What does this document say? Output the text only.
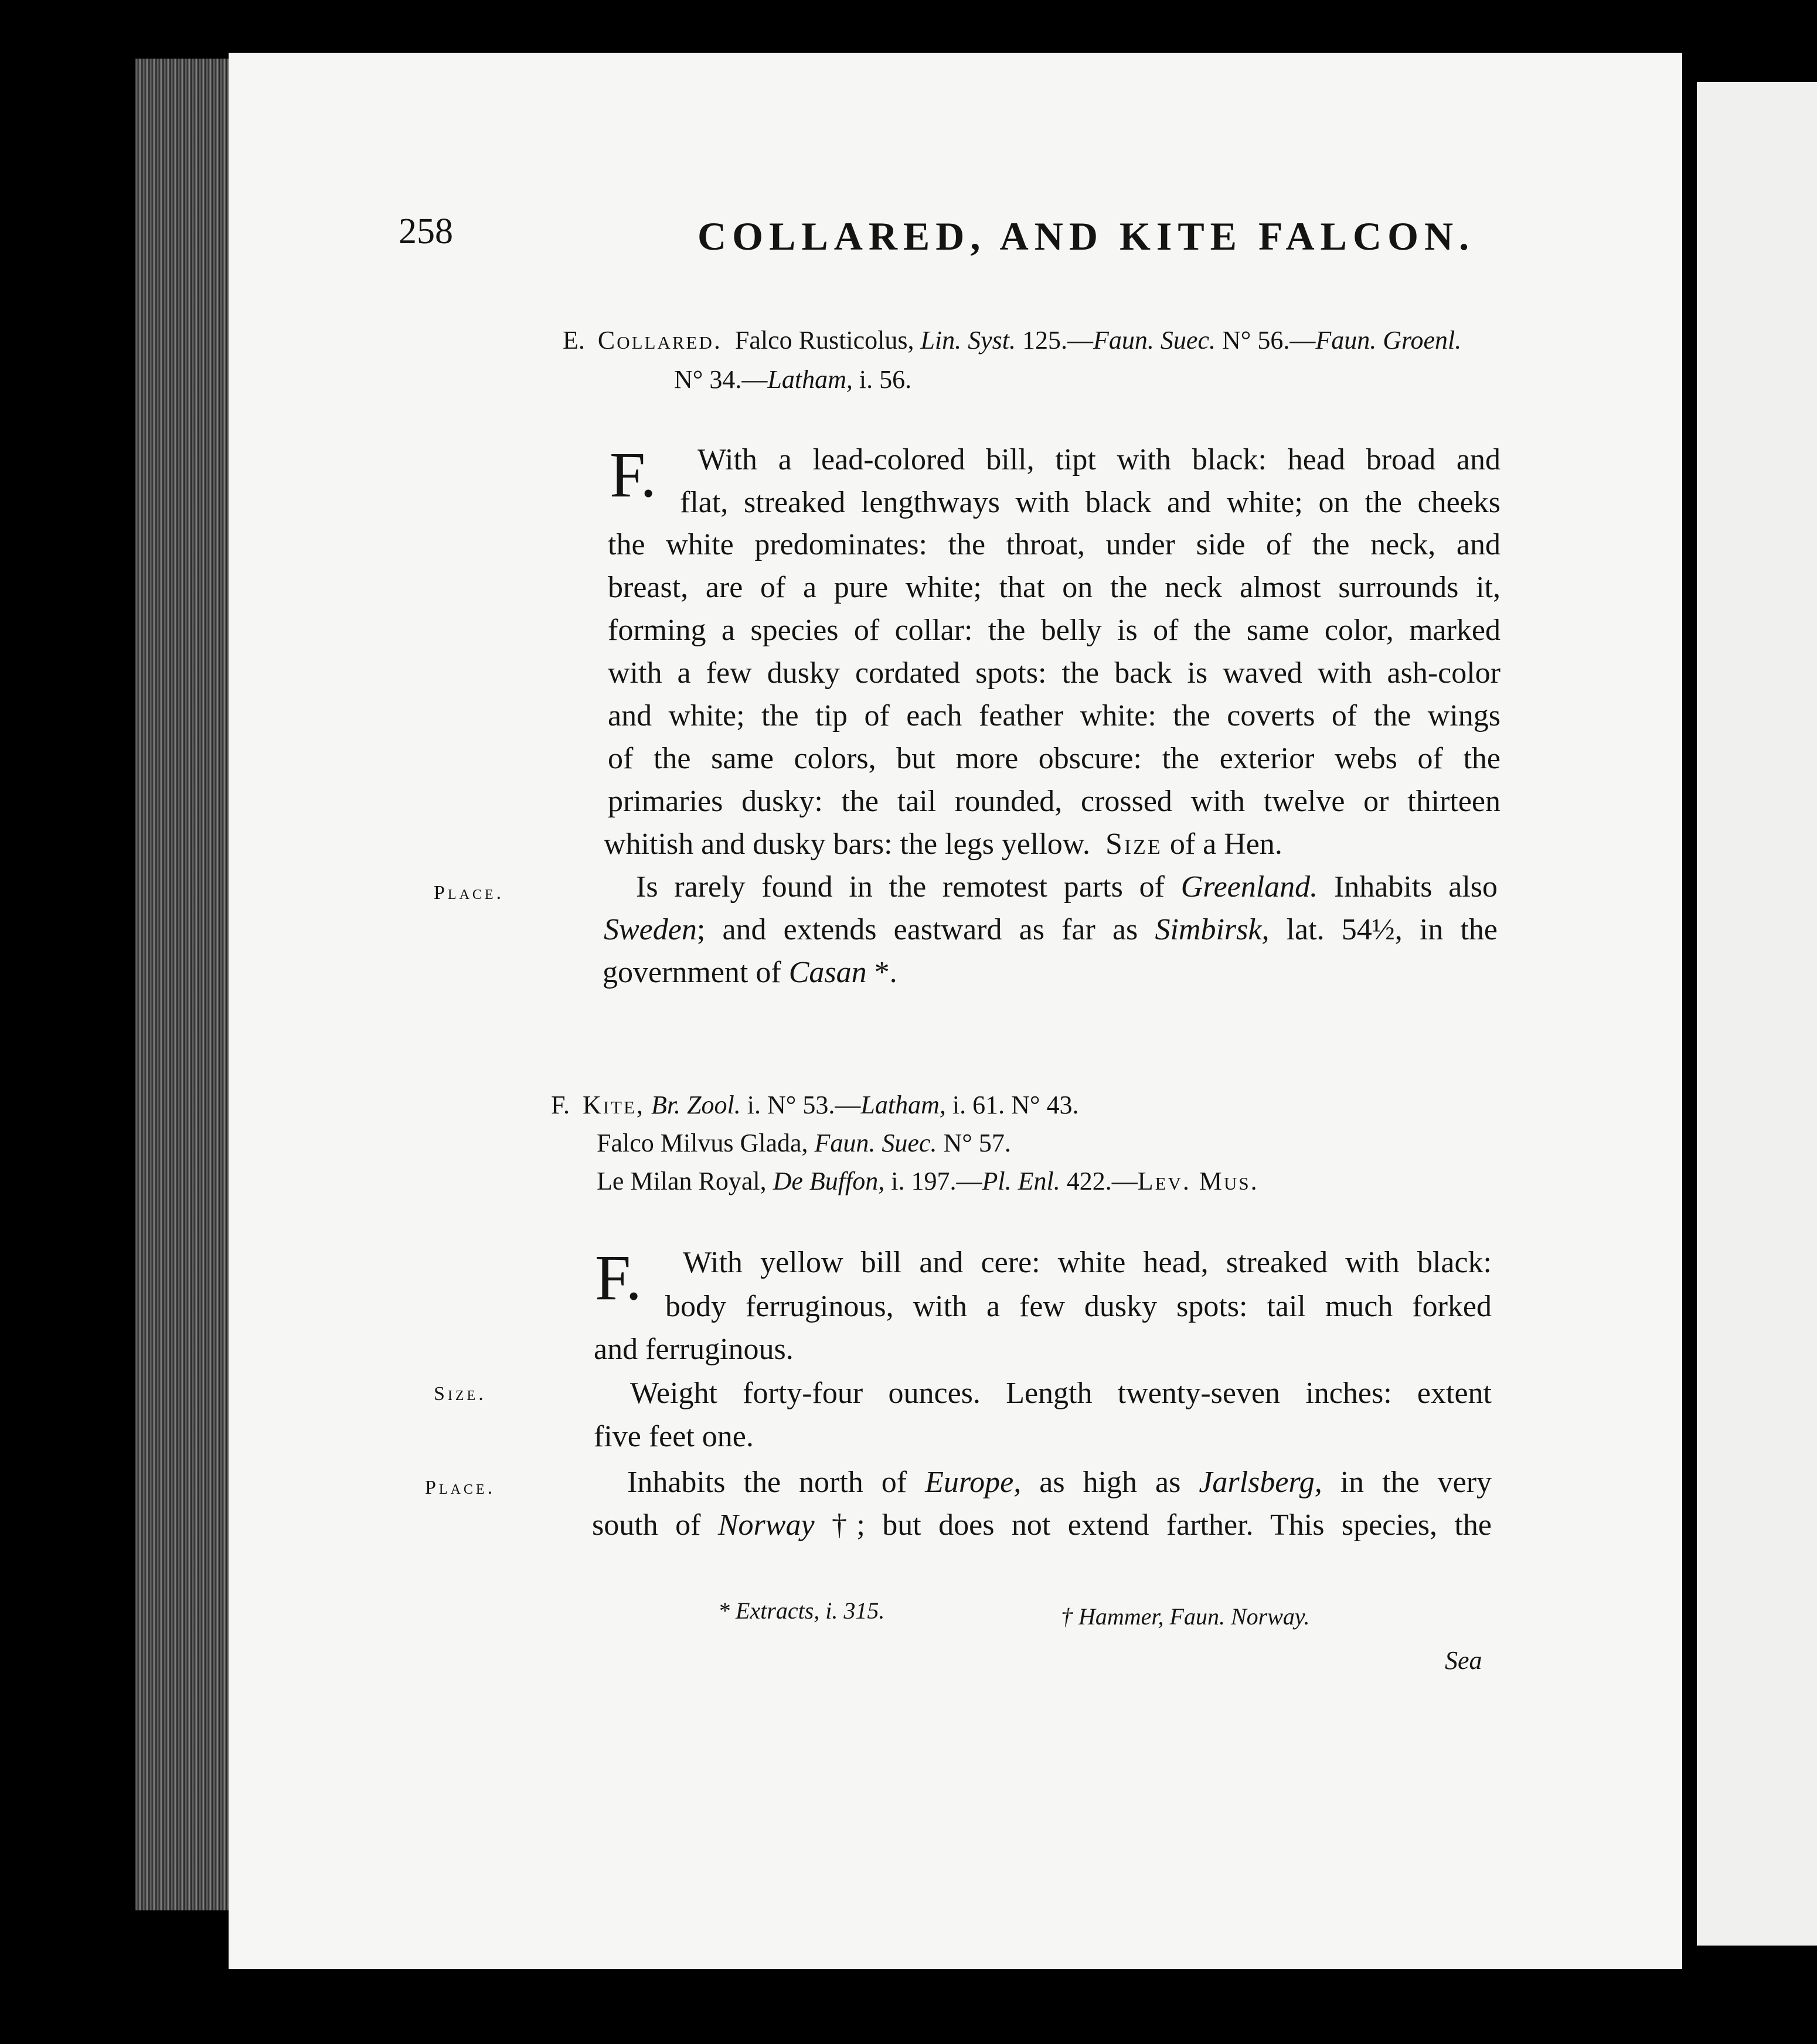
258	COLLARED, AND KITE FALCON.
E. Collared. Falco Rusticolus, Lin. Syst. 125.—Faun. Suec. N° 56.—Faun. Groenl.
N° 34.—Latham, i. 56.
F. With a lead-colored bill, tipt with black: head broad and
flat, streaked lengthways with black and white; on the cheeks
the white predominates: the throat, under side of the neck, and
breast, are of a pure white; that on the neck almost surrounds it,
forming a species of collar: the belly is of the same color, marked
with a few dusky cordated spots: the back is waved with ash-color
and white; the tip of each feather white: the coverts of the wings
of the same colors, but more obscure: the exterior webs of the
primaries dusky: the tail rounded, crossed with twelve or thirteen
whitish and dusky bars: the legs yellow. Size of a Hen.
Place.	Is rarely found in the remotest parts of Greenland. Inhabits also
Sweden; and extends eastward as far as Simbirsk, lat. 54½, in the
government of Casan *.
F. Kite, Br. Zool. i. N° 53.—Latham, i. 61. N° 43.
Falco Milvus Glada, Faun. Suec. N° 57.
Le Milan Royal, De Buffon, i. 197.—Pl. Enl. 422.—Lev. Mus.
F. With yellow bill and cere: white head, streaked with black:
body ferruginous, with a few dusky spots: tail much forked
and ferruginous.
Size.	Weight forty-four ounces. Length twenty-seven inches: extent
five feet one.
Place.	Inhabits the north of Europe, as high as Jarlsberg, in the very
south of Norway †; but does not extend farther. This species, the
* Extracts, i. 315.	† Hammer, Faun. Norway.
Sea
